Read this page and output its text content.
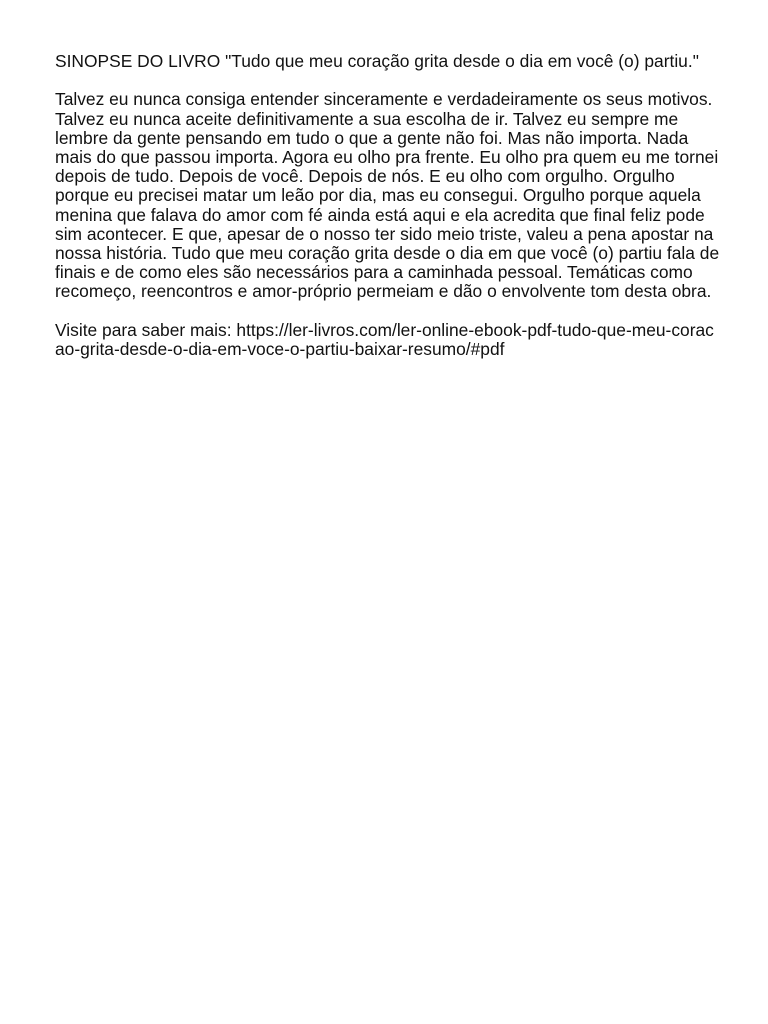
SINOPSE DO LIVRO "Tudo que meu coração grita desde o dia em você (o) partiu."

Talvez eu nunca consiga entender sinceramente e verdadeiramente os seus motivos. Talvez eu nunca aceite definitivamente a sua escolha de ir. Talvez eu sempre me lembre da gente pensando em tudo o que a gente não foi. Mas não importa. Nada mais do que passou importa. Agora eu olho pra frente. Eu olho pra quem eu me tornei depois de tudo. Depois de você. Depois de nós. E eu olho com orgulho. Orgulho porque eu precisei matar um leão por dia, mas eu consegui. Orgulho porque aquela menina que falava do amor com fé ainda está aqui e ela acredita que final feliz pode sim acontecer. E que, apesar de o nosso ter sido meio triste, valeu a pena apostar na nossa história. Tudo que meu coração grita desde o dia em que você (o) partiu fala de finais e de como eles são necessários para a caminhada pessoal. Temáticas como recomeço, reencontros e amor-próprio permeiam e dão o envolvente tom desta obra.

Visite para saber mais: https://ler-livros.com/ler-online-ebook-pdf-tudo-que-meu-coracao-grita-desde-o-dia-em-voce-o-partiu-baixar-resumo/#pdf
